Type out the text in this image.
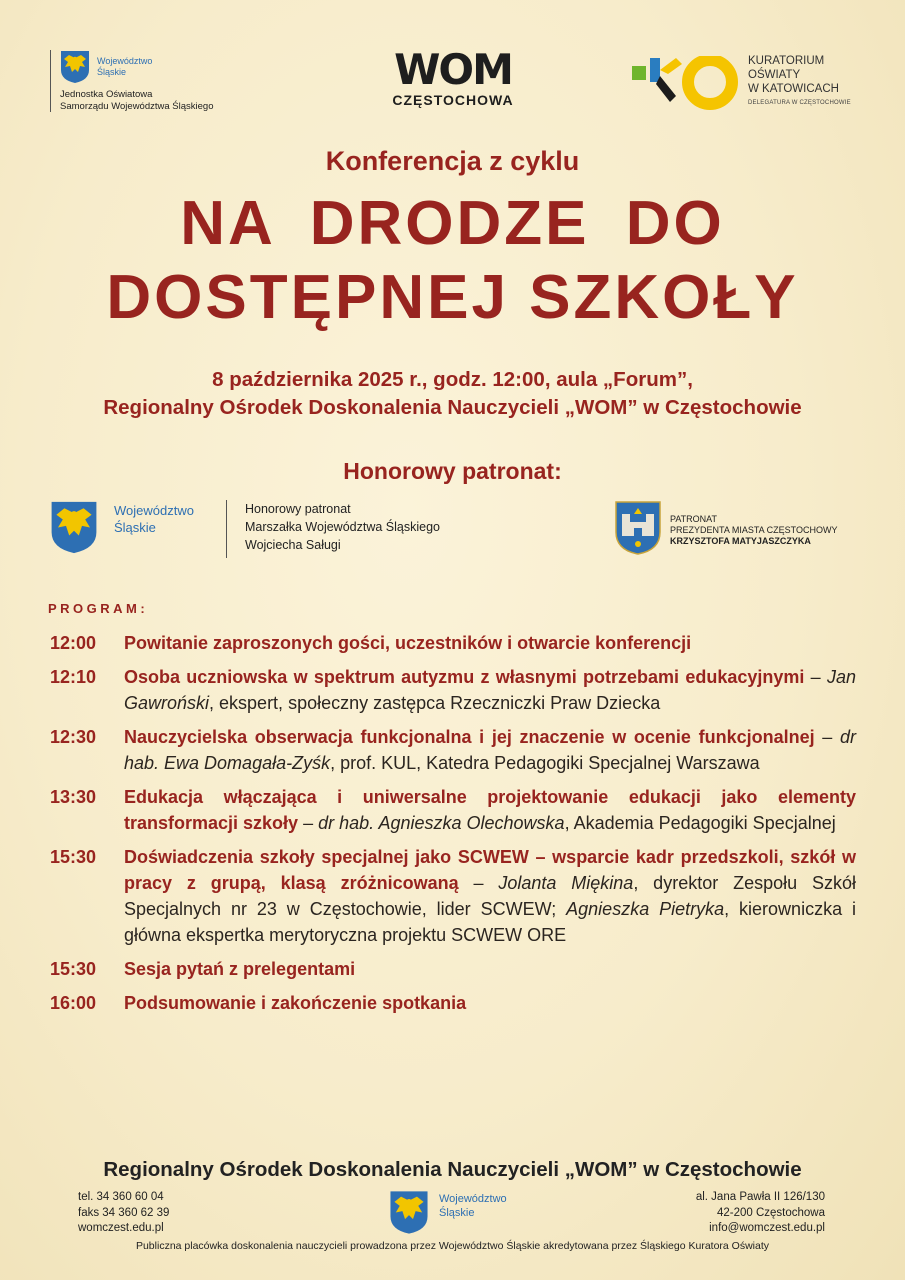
Województwo
Śląskie
Jednostka Oświatowa
Samorządu Województwa Śląskiego
WOM
CZĘSTOCHOWA
KURATORIUM
OŚWIATY
W KATOWICACH
DELEGATURA W CZĘSTOCHOWIE
Konferencja z cyklu
NA DRODZE DO
DOSTĘPNEJ SZKOŁY
8 października 2025 r., godz. 12:00, aula „Forum”,
Regionalny Ośrodek Doskonalenia Nauczycieli „WOM” w Częstochowie
Honorowy patronat:
Województwo
Śląskie
Honorowy patronat
Marszałka Województwa Śląskiego
Wojciecha Saługi
PATRONAT
PREZYDENTA MIASTA CZĘSTOCHOWY
KRZYSZTOFA MATYJASZCZYKA
PROGRAM:
12:00	Powitanie zaproszonych gości, uczestników i otwarcie konferencji
12:10	Osoba uczniowska w spektrum autyzmu z własnymi potrzebami edukacyjnymi – Jan Gawroński, ekspert, społeczny zastępca Rzeczniczki Praw Dziecka
12:30	Nauczycielska obserwacja funkcjonalna i jej znaczenie w ocenie funkcjonalnej – dr hab. Ewa Domagała-Zyśk, prof. KUL, Katedra Pedagogiki Specjalnej Warszawa
13:30	Edukacja włączająca i uniwersalne projektowanie edukacji jako elementy transformacji szkoły – dr hab. Agnieszka Olechowska, Akademia Pedagogiki Specjalnej
15:30	Doświadczenia szkoły specjalnej jako SCWEW – wsparcie kadr przedszkoli, szkół w pracy z grupą, klasą zróżnicowaną – Jolanta Miękina, dyrektor Zespołu Szkół Specjalnych nr 23 w Częstochowie, lider SCWEW; Agnieszka Pietryka, kierowniczka i główna ekspertka merytoryczna projektu SCWEW ORE
15:30	Sesja pytań z prelegentami
16:00	Podsumowanie i zakończenie spotkania
Regionalny Ośrodek Doskonalenia Nauczycieli „WOM” w Częstochowie
tel. 34 360 60 04
faks 34 360 62 39
womczest.edu.pl
Województwo
Śląskie
al. Jana Pawła II 126/130
42-200 Częstochowa
info@womczest.edu.pl
Publiczna placówka doskonalenia nauczycieli prowadzona przez Województwo Śląskie akredytowana przez Śląskiego Kuratora Oświaty
